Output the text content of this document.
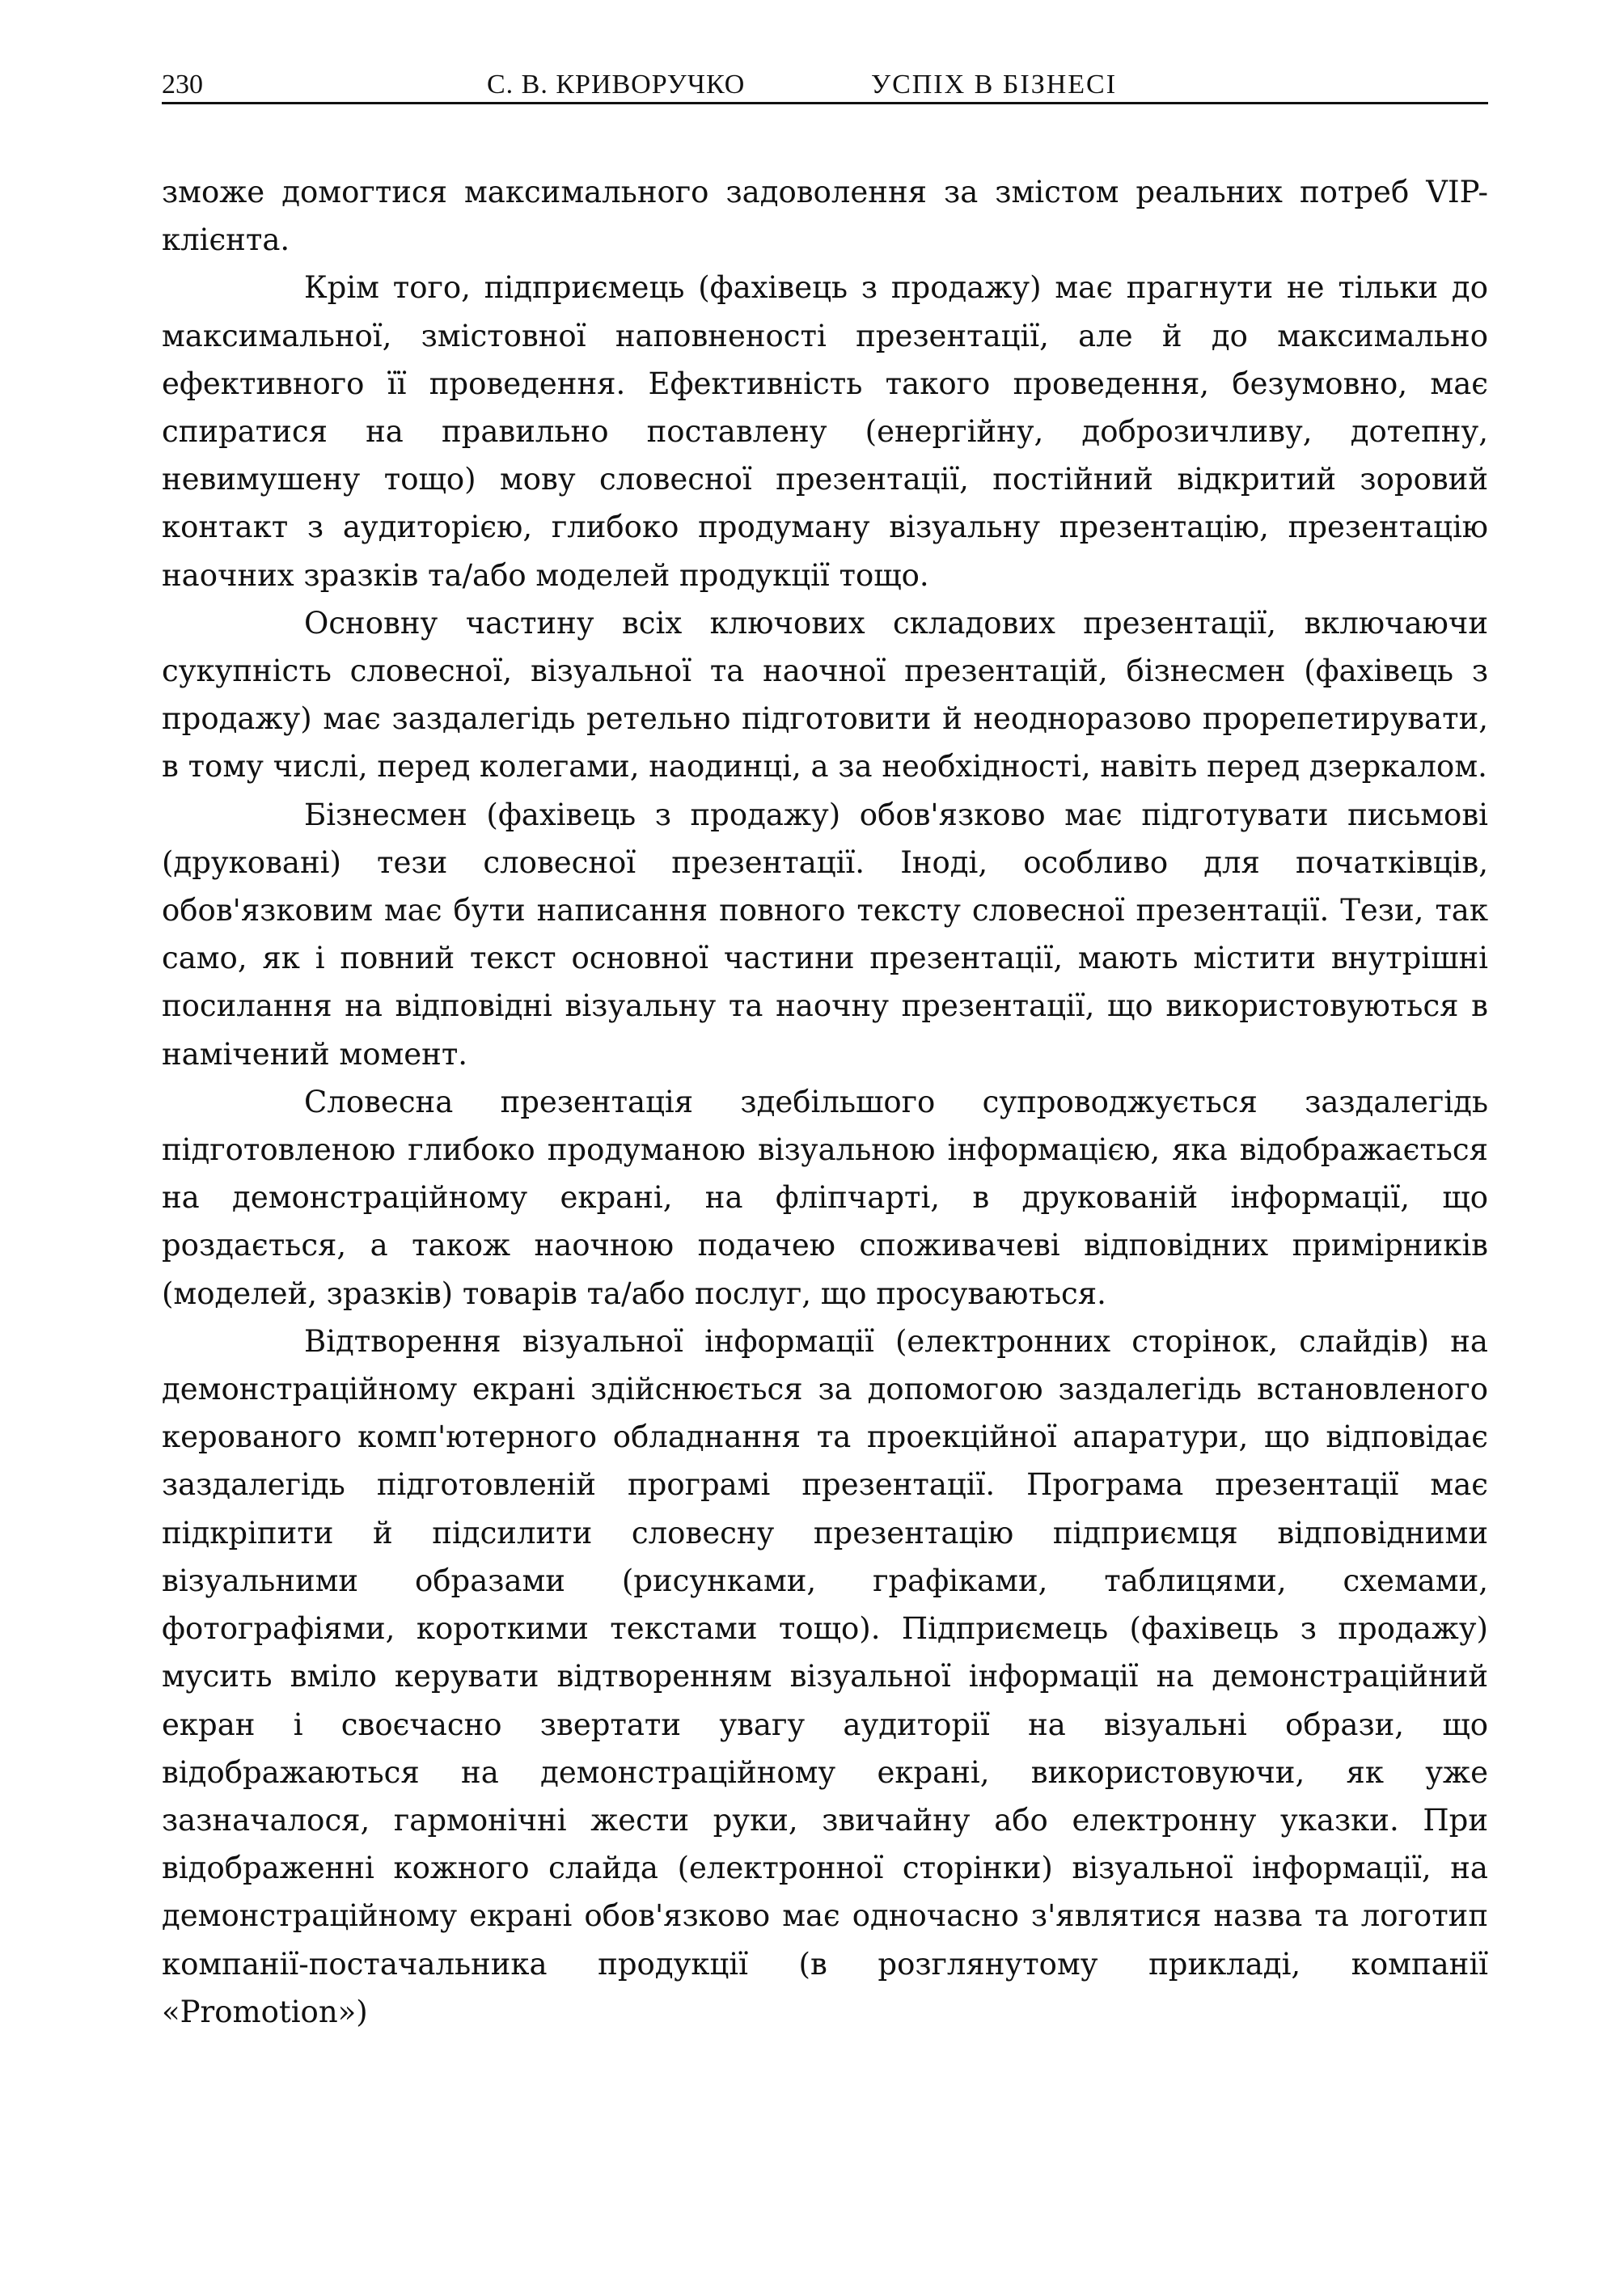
230	С. В. КРИВОРУЧКО	УСПІХ В БІЗНЕСІ

зможе домогтися максимального задоволення за змістом реальних потреб VIP-клієнта.

Крім того, підприємець (фахівець з продажу) має прагнути не тільки до максимальної, змістовної наповненості презентації, але й до максимально ефективного її проведення. Ефективність такого проведення, безумовно, має спиратися на правильно поставлену (енергійну, доброзичливу, дотепну, невимушену тощо) мову словесної презентації, постійний відкритий зоровий контакт з аудиторією, глибоко продуману візуальну презентацію, презентацію наочних зразків та/або моделей продукції тощо.

Основну частину всіх ключових складових презентації, включаючи сукупність словесної, візуальної та наочної презентацій, бізнесмен (фахівець з продажу) має заздалегідь ретельно підготовити й неодноразово прорепетирувати, в тому числі, перед колегами, наодинці, а за необхідності, навіть перед дзеркалом.

Бізнесмен (фахівець з продажу) обов'язково має підготувати письмові (друковані) тези словесної презентації. Іноді, особливо для початківців, обов'язковим має бути написання повного тексту словесної презентації. Тези, так само, як і повний текст основної частини презентації, мають містити внутрішні посилання на відповідні візуальну та наочну презентації, що використовуються в намічений момент.

Словесна презентація здебільшого супроводжується заздалегідь підготовленою глибоко продуманою візуальною інформацією, яка відображається на демонстраційному екрані, на фліпчарті, в друкованій інформації, що роздається, а також наочною подачею споживачеві відповідних примірників (моделей, зразків) товарів та/або послуг, що просуваються.

Відтворення візуальної інформації (електронних сторінок, слайдів) на демонстраційному екрані здійснюється за допомогою заздалегідь встановленого керованого комп'ютерного обладнання та проекційної апаратури, що відповідає заздалегідь підготовленій програмі презентації. Програма презентації має підкріпити й підсилити словесну презентацію підприємця відповідними візуальними образами (рисунками, графіками, таблицями, схемами, фотографіями, короткими текстами тощо). Підприємець (фахівець з продажу) мусить вміло керувати відтворенням візуальної інформації на демонстраційний екран і своєчасно звертати увагу аудиторії на візуальні образи, що відображаються на демонстраційному екрані, використовуючи, як уже зазначалося, гармонічні жести руки, звичайну або електронну указки. При відображенні кожного слайда (електронної сторінки) візуальної інформації, на демонстраційному екрані обов'язково має одночасно з'являтися назва та логотип компанії-постачальника продукції (в розглянутому прикладі, компанії «Promotion»)
